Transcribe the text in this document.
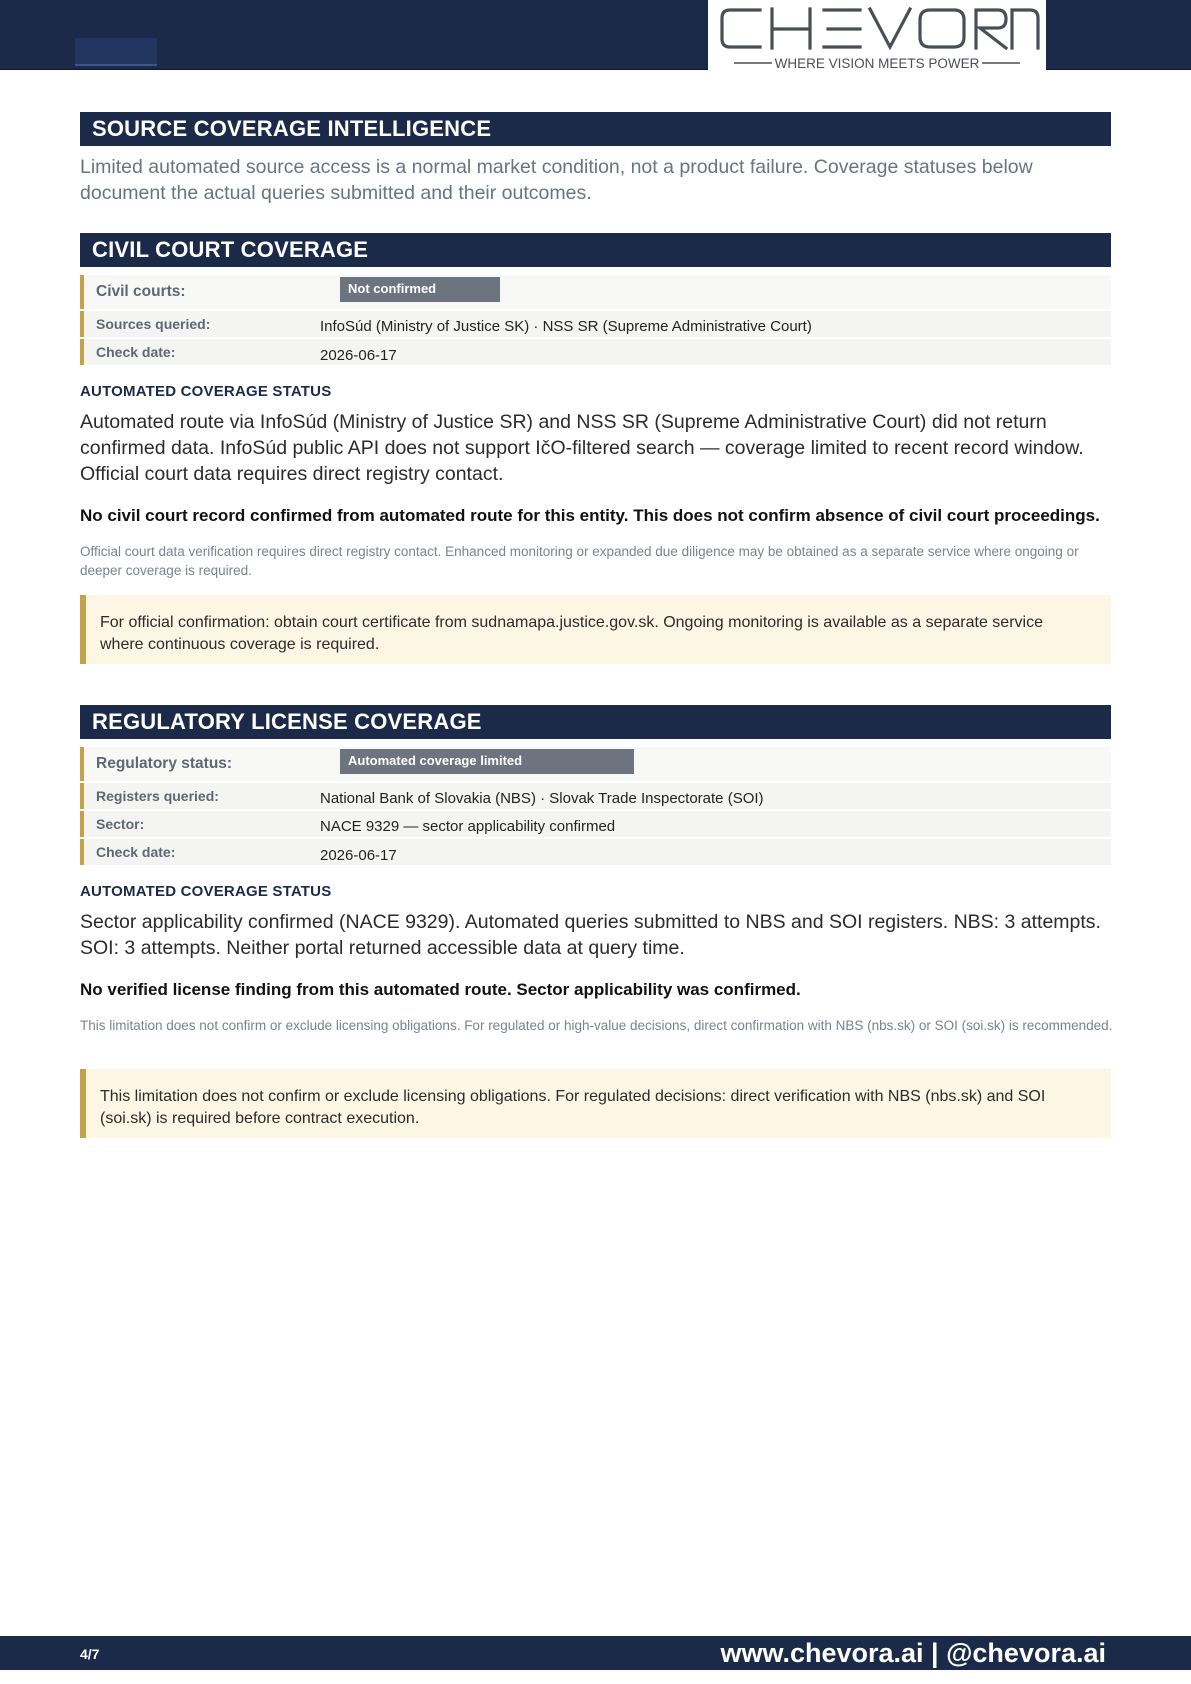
WHERE VISION MEETS POWER
SOURCE COVERAGE INTELLIGENCE
Limited automated source access is a normal market condition, not a product failure. Coverage statuses below document the actual queries submitted and their outcomes.
CIVIL COURT COVERAGE
Civil courts:	Not confirmed
Sources queried:	InfoSúd (Ministry of Justice SK) · NSS SR (Supreme Administrative Court)
Check date:	2026-06-17
AUTOMATED COVERAGE STATUS
Automated route via InfoSúd (Ministry of Justice SR) and NSS SR (Supreme Administrative Court) did not return confirmed data. InfoSúd public API does not support IčO-filtered search — coverage limited to recent record window. Official court data requires direct registry contact.
No civil court record confirmed from automated route for this entity. This does not confirm absence of civil court proceedings.
Official court data verification requires direct registry contact. Enhanced monitoring or expanded due diligence may be obtained as a separate service where ongoing or deeper coverage is required.
For official confirmation: obtain court certificate from sudnamapa.justice.gov.sk. Ongoing monitoring is available as a separate service where continuous coverage is required.
REGULATORY LICENSE COVERAGE
Regulatory status:	Automated coverage limited
Registers queried:	National Bank of Slovakia (NBS) · Slovak Trade Inspectorate (SOI)
Sector:	NACE 9329 — sector applicability confirmed
Check date:	2026-06-17
AUTOMATED COVERAGE STATUS
Sector applicability confirmed (NACE 9329). Automated queries submitted to NBS and SOI registers. NBS: 3 attempts. SOI: 3 attempts. Neither portal returned accessible data at query time.
No verified license finding from this automated route. Sector applicability was confirmed.
This limitation does not confirm or exclude licensing obligations. For regulated or high-value decisions, direct confirmation with NBS (nbs.sk) or SOI (soi.sk) is recommended.
This limitation does not confirm or exclude licensing obligations. For regulated decisions: direct verification with NBS (nbs.sk) and SOI (soi.sk) is required before contract execution.
4/7	www.chevora.ai | @chevora.ai
